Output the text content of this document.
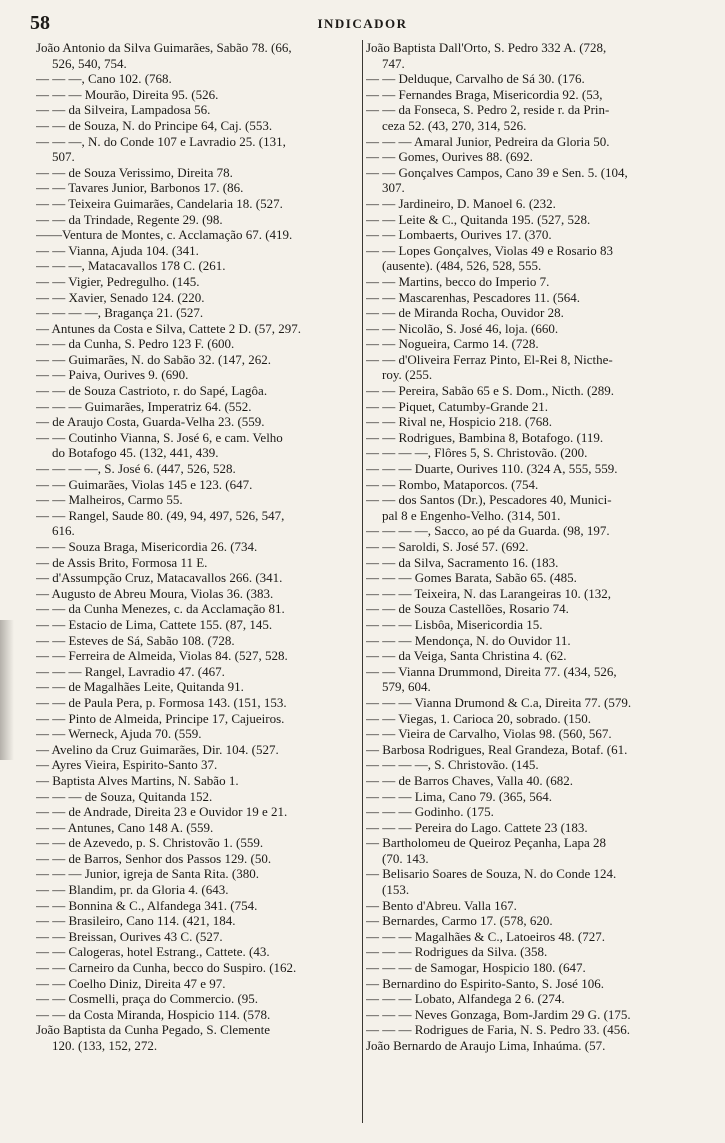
58	INDICADOR
João Antonio da Silva Guimarães, Sabão 78. (66,
526, 540, 754.
— — —, Cano 102. (768.
— — — Mourão, Direita 95. (526.
— — da Silveira, Lampadosa 56.
— — de Souza, N. do Principe 64, Caj. (553.
— — —, N. do Conde 107 e Lavradio 25. (131,
507.
— — de Souza Verissimo, Direita 78.
— — Tavares Junior, Barbonos 17. (86.
— — Teixeira Guimarães, Candelaria 18. (527.
— — da Trindade, Regente 29. (98.
——Ventura de Montes, c. Acclamação 67. (419.
— — Vianna, Ajuda 104. (341.
— — —, Matacavallos 178 C. (261.
— — Vigier, Pedregulho. (145.
— — Xavier, Senado 124. (220.
— — — —, Bragança 21. (527.
— Antunes da Costa e Silva, Cattete 2 D. (57, 297.
— — da Cunha, S. Pedro 123 F. (600.
— — Guimarães, N. do Sabão 32. (147, 262.
— — Paiva, Ourives 9. (690.
— — de Souza Castrioto, r. do Sapé, Lagôa.
— — — Guimarães, Imperatriz 64. (552.
— de Araujo Costa, Guarda-Velha 23. (559.
— — Coutinho Vianna, S. José 6, e cam. Velho
do Botafogo 45. (132, 441, 439.
— — — —, S. José 6. (447, 526, 528.
— — Guimarães, Violas 145 e 123. (647.
— — Malheiros, Carmo 55.
— — Rangel, Saude 80. (49, 94, 497, 526, 547,
616.
— — Souza Braga, Misericordia 26. (734.
— de Assis Brito, Formosa 11 E.
— d'Assumpção Cruz, Matacavallos 266. (341.
— Augusto de Abreu Moura, Violas 36. (383.
— — da Cunha Menezes, c. da Acclamação 81.
— — Estacio de Lima, Cattete 155. (87, 145.
— — Esteves de Sá, Sabão 108. (728.
— — Ferreira de Almeida, Violas 84. (527, 528.
— — — Rangel, Lavradio 47. (467.
— — de Magalhães Leite, Quitanda 91.
— — de Paula Pera, p. Formosa 143. (151, 153.
— — Pinto de Almeida, Principe 17, Cajueiros.
— — Werneck, Ajuda 70. (559.
— Avelino da Cruz Guimarães, Dir. 104. (527.
— Ayres Vieira, Espirito-Santo 37.
— Baptista Alves Martins, N. Sabão 1.
— — — de Souza, Quitanda 152.
— — de Andrade, Direita 23 e Ouvidor 19 e 21.
— — Antunes, Cano 148 A. (559.
— — de Azevedo, p. S. Christovão 1. (559.
— — de Barros, Senhor dos Passos 129. (50.
— — — Junior, igreja de Santa Rita. (380.
— — Blandim, pr. da Gloria 4. (643.
— — Bonnina & C., Alfandega 341. (754.
— — Brasileiro, Cano 114. (421, 184.
— — Breissan, Ourives 43 C. (527.
— — Calogeras, hotel Estrang., Cattete. (43.
— — Carneiro da Cunha, becco do Suspiro. (162.
— — Coelho Diniz, Direita 47 e 97.
— — Cosmelli, praça do Commercio. (95.
— — da Costa Miranda, Hospicio 114. (578.
João Baptista da Cunha Pegado, S. Clemente
120. (133, 152, 272.
João Baptista Dall'Orto, S. Pedro 332 A. (728,
747.
— — Delduque, Carvalho de Sá 30. (176.
— — Fernandes Braga, Misericordia 92. (53,
— — da Fonseca, S. Pedro 2, reside r. da Prin-
ceza 52. (43, 270, 314, 526.
— — — Amaral Junior, Pedreira da Gloria 50.
— — Gomes, Ourives 88. (692.
— — Gonçalves Campos, Cano 39 e Sen. 5. (104,
307.
— — Jardineiro, D. Manoel 6. (232.
— — Leite & C., Quitanda 195. (527, 528.
— — Lombaerts, Ourives 17. (370.
— — Lopes Gonçalves, Violas 49 e Rosario 83
(ausente). (484, 526, 528, 555.
— — Martins, becco do Imperio 7.
— — Mascarenhas, Pescadores 11. (564.
— — de Miranda Rocha, Ouvidor 28.
— — Nicolão, S. José 46, loja. (660.
— — Nogueira, Carmo 14. (728.
— — d'Oliveira Ferraz Pinto, El-Rei 8, Nicthe-
roy. (255.
— — Pereira, Sabão 65 e S. Dom., Nicth. (289.
— — Piquet, Catumby-Grande 21.
— — Rival ne, Hospicio 218. (768.
— — Rodrigues, Bambina 8, Botafogo. (119.
— — — —, Flôres 5, S. Christovão. (200.
— — — Duarte, Ourives 110. (324 A, 555, 559.
— — Rombo, Mataporcos. (754.
— — dos Santos (Dr.), Pescadores 40, Munici-
pal 8 e Engenho-Velho. (314, 501.
— — — —, Sacco, ao pé da Guarda. (98, 197.
— — Saroldi, S. José 57. (692.
— — da Silva, Sacramento 16. (183.
— — — Gomes Barata, Sabão 65. (485.
— — — Teixeira, N. das Larangeiras 10. (132,
— — de Souza Castellões, Rosario 74.
— — — Lisbôa, Misericordia 15.
— — — Mendonça, N. do Ouvidor 11.
— — da Veiga, Santa Christina 4. (62.
— — Vianna Drummond, Direita 77. (434, 526,
579, 604.
— — — Vianna Drumond & C.a, Direita 77. (579.
— — Viegas, 1. Carioca 20, sobrado. (150.
— — Vieira de Carvalho, Violas 98. (560, 567.
— Barbosa Rodrigues, Real Grandeza, Botaf. (61.
— — — —, S. Christovão. (145.
— — de Barros Chaves, Valla 40. (682.
— — — Lima, Cano 79. (365, 564.
— — — Godinho. (175.
— — — Pereira do Lago. Cattete 23 (183.
— Bartholomeu de Queiroz Peçanha, Lapa 28
(70. 143.
— Belisario Soares de Souza, N. do Conde 124.
(153.
— Bento d'Abreu. Valla 167.
— Bernardes, Carmo 17. (578, 620.
— — — Magalhães & C., Latoeiros 48. (727.
— — — Rodrigues da Silva. (358.
— — — de Samogar, Hospicio 180. (647.
— Bernardino do Espirito-Santo, S. José 106.
— — — Lobato, Alfandega 2 6. (274.
— — — Neves Gonzaga, Bom-Jardim 29 G. (175.
— — — Rodrigues de Faria, N. S. Pedro 33. (456.
João Bernardo de Araujo Lima, Inhaúma. (57.
